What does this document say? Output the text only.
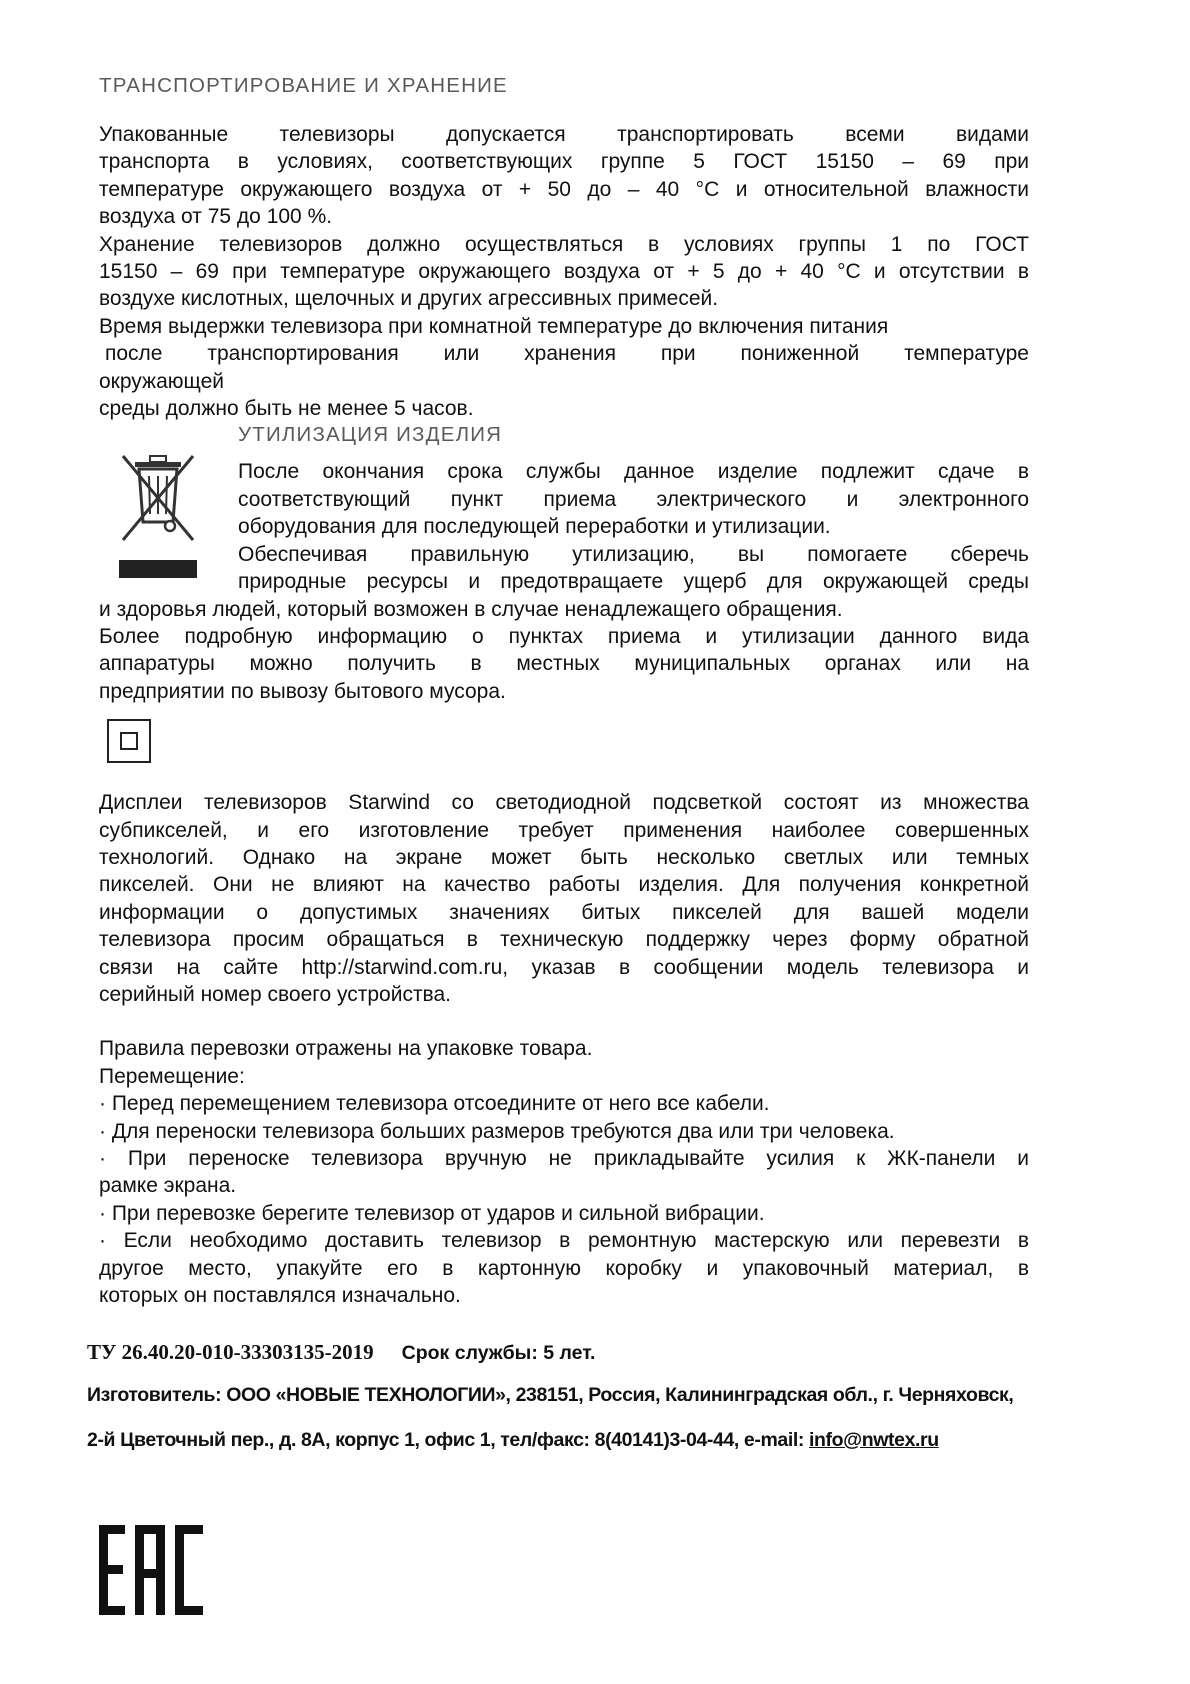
ТРАНСПОРТИРОВАНИЕ И ХРАНЕНИЕ
Упакованные телевизоры допускается транспортировать всеми видами
транспорта в условиях, соответствующих группе 5 ГОСТ 15150 – 69 при
температуре окружающего воздуха от + 50 до – 40 °С и относительной влажности
воздуха от 75 до 100 %.
Хранение телевизоров должно осуществляться в условиях группы 1 по ГОСТ
15150 – 69 при температуре окружающего воздуха от + 5 до + 40 °С и отсутствии в
воздухе кислотных, щелочных и других агрессивных примесей.
Время выдержки телевизора при комнатной температуре до включения питания
после транспортирования или хранения при пониженной температуре
окружающей
среды должно быть не менее 5 часов.
УТИЛИЗАЦИЯ ИЗДЕЛИЯ
После окончания срока службы данное изделие подлежит сдаче в
соответствующий пункт приема электрического и электронного
оборудования для последующей переработки и утилизации.
Обеспечивая правильную утилизацию, вы помогаете сберечь
природные ресурсы и предотвращаете ущерб для окружающей среды
и здоровья людей, который возможен в случае ненадлежащего обращения.
Более подробную информацию о пунктах приема и утилизации данного вида
аппаратуры можно получить в местных муниципальных органах или на
предприятии по вывозу бытового мусора.
Дисплеи телевизоров Starwind со светодиодной подсветкой состоят из множества
субпикселей, и его изготовление требует применения наиболее совершенных
технологий. Однако на экране может быть несколько светлых или темных
пикселей. Они не влияют на качество работы изделия. Для получения конкретной
информации о допустимых значениях битых пикселей для вашей модели
телевизора просим обращаться в техническую поддержку через форму обратной
связи на сайте http://starwind.com.ru, указав в сообщении модель телевизора и
серийный номер своего устройства.
Правила перевозки отражены на упаковке товара.
Перемещение:
· Перед перемещением телевизора отсоедините от него все кабели.
· Для переноски телевизора больших размеров требуются два или три человека.
· При переноске телевизора вручную не прикладывайте усилия к ЖК-панели и
рамке экрана.
· При перевозке берегите телевизор от ударов и сильной вибрации.
· Если необходимо доставить телевизор в ремонтную мастерскую или перевезти в
другое место, упакуйте его в картонную коробку и упаковочный материал, в
которых он поставлялся изначально.
ТУ 26.40.20-010-33303135-2019 Срок службы: 5 лет.
Изготовитель: ООО «НОВЫЕ ТЕХНОЛОГИИ», 238151, Россия, Калининградская обл., г. Черняховск,
2-й Цветочный пер., д. 8А, корпус 1, офис 1, тел/факс: 8(40141)3-04-44, e-mail: info@nwtex.ru
